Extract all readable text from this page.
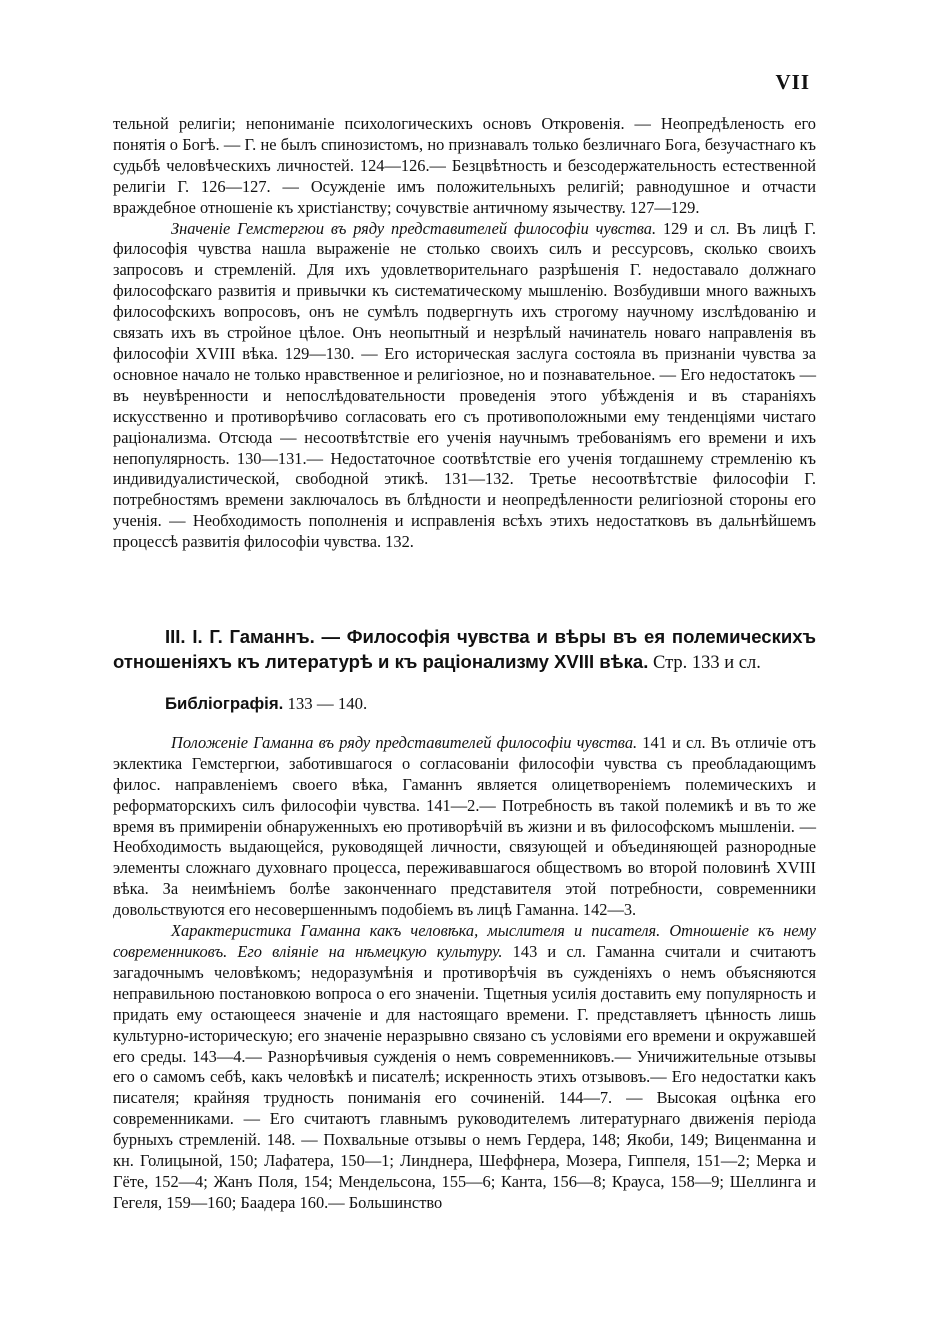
VII

тельной религіи; непониманіе психологическихъ основъ Откровенія. — Неопредѣленость его понятія о Богѣ. — Г. не былъ спинозистомъ, но признавалъ только безличнаго Бога, безучастнаго къ судьбѣ человѣческихъ личностей. 124—126.— Безцвѣтность и безсодержательность естественной религіи Г. 126—127. — Осужденіе имъ положительныхъ религій; равнодушное и отчасти враждебное отношеніе къ христіанству; сочувствіе античному язычеству. 127—129.

Значеніе Гемстергюи въ ряду представителей философіи чувства. 129 и сл. Въ лицѣ Г. философія чувства нашла выраженіе не столько своихъ силъ и рессурсовъ, сколько своихъ запросовъ и стремленій. Для ихъ удовлетворительнаго разрѣшенія Г. недоставало должнаго философскаго развитія и привычки къ систематическому мышленію. Возбудивши много важныхъ философскихъ вопросовъ, онъ не сумѣлъ подвергнуть ихъ строгому научному изслѣдованію и связать ихъ въ стройное цѣлое. Онъ неопытный и незрѣлый начинатель новаго направленія въ философіи XVIII вѣка. 129—130. — Его историческая заслуга состояла въ признаніи чувства за основное начало не только нравственное и религіозное, но и познавательное. — Его недостатокъ — въ неувѣренности и непослѣдовательности проведенія этого убѣжденія и въ стараніяхъ искусственно и противорѣчиво согласовать его съ противоположными ему тенденціями чистаго раціонализма. Отсюда — несоотвѣтствіе его ученія научнымъ требованіямъ его времени и ихъ непопулярность. 130—131.— Недостаточное соотвѣтствіе его ученія тогдашнему стремленію къ индивидуалистической, свободной этикѣ. 131—132. Третье несоотвѣтствіе философіи Г. потребностямъ времени заключалось въ блѣдности и неопредѣленности религіозной стороны его ученія. — Необходимость пополненія и исправленія всѣхъ этихъ недостатковъ въ дальнѣйшемъ процессѣ развитія философіи чувства. 132.

III. I. Г. Гаманнъ. — Философія чувства и вѣры въ ея полемическихъ отношеніяхъ къ литературѣ и къ раціонализму XVIII вѣка. Стр. 133 и сл.

Библіографія. 133 — 140.

Положеніе Гаманна въ ряду представителей философіи чувства. 141 и сл. Въ отличіе отъ эклектика Гемстергюи, заботившагося о согласованіи философіи чувства съ преобладающимъ филос. направленіемъ своего вѣка, Гаманнъ является олицетвореніемъ полемическихъ и реформаторскихъ силъ философіи чувства. 141—2.— Потребность въ такой полемикѣ и въ то же время въ примиреніи обнаруженныхъ ею противорѣчій въ жизни и въ философскомъ мышленіи. — Необходимость выдающейся, руководящей личности, связующей и объединяющей разнородные элементы сложнаго духовнаго процесса, переживавшагося обществомъ во второй половинѣ XVIII вѣка. За неимѣніемъ болѣе законченнаго представителя этой потребности, современники довольствуются его несовершеннымъ подобіемъ въ лицѣ Гаманна. 142—3.

Характеристика Гаманна какъ человѣка, мыслителя и писателя. Отношеніе къ нему современниковъ. Его вліяніе на нѣмецкую культуру. 143 и сл. Гаманна считали и считаютъ загадочнымъ человѣкомъ; недоразумѣнія и противорѣчія въ сужденіяхъ о немъ объясняются неправильною постановкою вопроса о его значеніи. Тщетныя усилія доставить ему популярность и придать ему остающееся значеніе и для настоящаго времени. Г. представляетъ цѣнность лишь культурно-историческую; его значеніе неразрывно связано съ условіями его времени и окружавшей его среды. 143—4.— Разнорѣчивыя сужденія о немъ современниковъ.— Уничижительные отзывы его о самомъ себѣ, какъ человѣкѣ и писателѣ; искренность этихъ отзывовъ.— Его недостатки какъ писателя; крайняя трудность пониманія его сочиненій. 144—7. — Высокая оцѣнка его современниками. — Его считаютъ главнымъ руководителемъ литературнаго движенія періода бурныхъ стремленій. 148. — Похвальные отзывы о немъ Гердера, 148; Якоби, 149; Виценманна и кн. Голицыной, 150; Лафатера, 150—1; Линднера, Шеффнера, Мозера, Гиппеля, 151—2; Мерка и Гёте, 152—4; Жанъ Поля, 154; Мендельсона, 155—6; Канта, 156—8; Крауса, 158—9; Шеллинга и Гегеля, 159—160; Баадера 160.— Большинство
